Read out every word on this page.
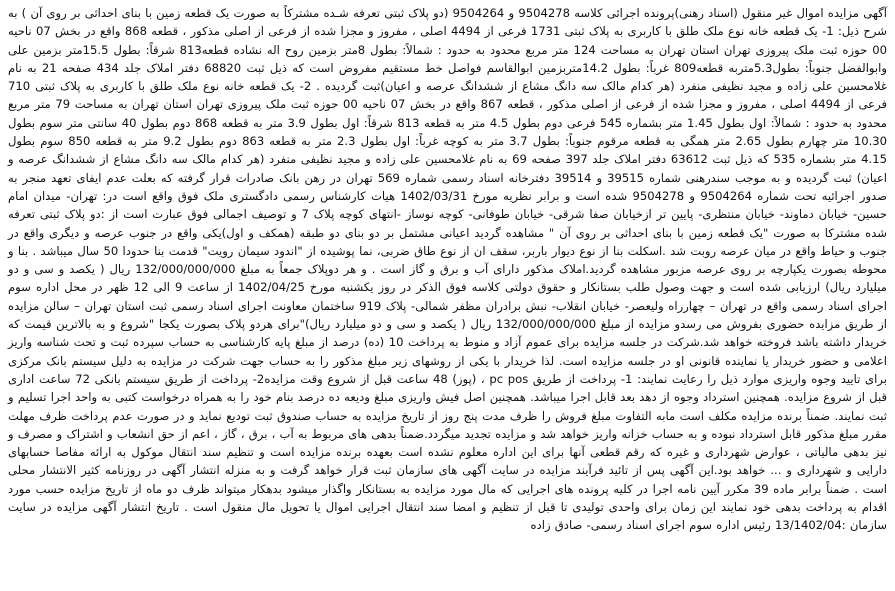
آگهی مزایده اموال غیر منقول (اسناد رهنی)پرونده اجرائی کلاسه 9504278 و 9504264 (دو پلاک ثبتی تعرفه شـده مشترکاً به صورت یک قطعه زمین با بنای احداثی بر روی آن ) به شرح ذیل: 1- یک قطعه خانه نوع ملک طلق با کاربری به پلاک ثبتی 1731 فرعی از 4494 اصلی ، مفروز و مجزا شده از فرعی از اصلی مذکور ، قطعه 868 واقع در بخش 07 ناحیه 00 حوزه ثبت ملک پیروزی تهران استان تهران به مساحت 124 متر مربع محدود به حدود : شمالاً: بطول 8متر بزمین روح اله نشاده قطعه813 شرقاً: بطول 15.5متر بزمین علی وابوالفضل جنوباً: بطول5.3متربه قطعه809 غرباً: بطول 14.2متربزمین ابوالقاسم فواصل خط مستقیم مفروض است که ذیل ثبت 68820 دفتر املاک جلد 434 صفحه 21 به نام غلامحسین علی زاده و مجید نظیفی منفرد (هر کدام مالک سه دانگ مشاع از ششدانگ عرصه و اعیان)ثبت گردیده . 2- یک قطعه خانه نوع ملک طلق با کاربری به پلاک ثبتی 710 فرعی از 4494 اصلی ، مفروز و مجزا شده از فرعی از اصلی مذکور ، قطعه 867 واقع در بخش 07 ناحیه 00 حوزه ثبت ملک پیروزی تهران استان تهران به مساحت 79 متر مربع محدود به حدود : شمالاً: اول بطول 1.45 متر بشماره 545 فرعی دوم بطول 4.5 متر به قطعه 813 شرقاً: اول بطول 3.9 متر به قطعه 868 دوم بطول 40 سانتی متر سوم بطول 10.30 متر چهارم بطول 2.65 متر همگی به قطعه مرقوم جنوباً: بطول 3.7 متر به کوچه غرباً: اول بطول 2.3 متر به قطعه 863 دوم بطول 9.2 متر به قطعه 850 سوم بطول 4.15 متر بشماره 535 که ذیل ثبت 63612 دفتر املاک جلد 397 صفحه 69 به نام غلامحسین علی زاده و مجید نظیفی منفرد (هر کدام مالک سه دانگ مشاع از ششدانگ عرصه و اعیان) ثبت گردیده و به موجب سندرهنی شماره 39515 و 39514 دفترخانه اسناد رسمی شماره 569 تهران در رهن بانک صادرات قرار گرفته که بعلت عدم ایفای تعهد منجر به صدور اجرائیه تحت شماره 9504264 و 9504278 شده است و برابر نظریه مورخ 1402/03/31 هیات کارشناس رسمی دادگستری ملک فوق واقع است در: تهران- میدان امام حسین- خیابان دماوند- خیابان منتظری- پایین تر ازخیابان صفا شرقی- خیابان طوفانی- کوچه نوساز -انتهای کوچه پلاک 7 و توصیف اجمالی فوق عبارت است از :دو پلاک ثبتی تعرفه شده مشترکا به صورت "یک قطعه زمین با بنای احداثی بر روی آن " مشاهده گردید اعیانی مشتمل بر دو بنای دو طبقه (همکف و اول)یکی واقع در جنوب عرصه و دیگری واقع در جنوب و حیاط واقع در میان عرصه روبت شد .اسکلت بنا از نوع دیوار باربر، سقف ان از نوع طاق ضربی، نما پوشیده از "اندود سیمان رویت" قدمت بنا حدودا 50 سال میباشد . بنا و محوطه بصورت یکپارچه بر روی عرصه مزبور مشاهده گردید.املاک مذکور دارای آب و برق و گاز است . و هر دوپلاک جمعاً به مبلغ 132/000/000/000 ریال ( یکصد و سی و دو میلیارد ریال) ارزیابی شده است و جهت وصول طلب بستانکار و حقوق دولتی کلاسه فوق الذکر در روز یکشنبه مورخ 1402/04/25 از ساعت 9 الی 12 ظهر در محل اداره سوم اجرای اسناد رسمی واقع در تهران – چهارراه ولیعصر- خیابان انقلاب- نبش برادران مظفر شمالی- پلاک 919 ساختمان معاونت اجرای اسناد رسمی ثبت استان تهران – سالن مزایده از طریق مزایده حضوری بفروش می رسدو مزایده از مبلغ 132/000/000/000 ریال ( یکصد و سی و دو میلیارد ریال)"برای هردو پلاک بصورت یکجا "شروع و به بالاترین قیمت که خریدار داشته باشد فروخته خواهد شد.شرکت در جلسه مزایده برای عموم آزاد و منوط به پرداخت 10 (ده) درصد از مبلغ پایه کارشناسی به حساب سپرده ثبت و تحت شناسه واریز اعلامی و حضور خریدار یا نماینده قانونی او در جلسه مزایده است. لذا خریدار با یکی از روشهای زیر مبلغ مذکور را به حساب جهت شرکت در مزایده به دلیل سیستم بانک مرکزی برای تایید وجوه واریزی موارد ذیل را رعایت نمایند: 1- پرداخت از طریق pc pos ، (پوز) 48 ساعت قبل از شروع وقت مزایده2- پرداخت از طریق سیستم بانکی 72 ساعت اداری قبل از شروع مزایده. همچنین استرداد وجوه از دهد بعد قابل اجرا میباشد. همچنین اصل فیش واریزی مبلغ ودیعه ده درصد بنام خود را به همراه درخواست کتبی به واحد اجرا تسلیم و ثبت نمایند. ضمناً برنده مزایده مکلف است مابه التفاوت مبلغ فروش را ظرف مدت پنج روز از تاریخ مزایده به حساب صندوق ثبت تودیع نماید و در صورت عدم پرداخت ظرف مهلت مقرر مبلغ مذکور قابل استرداد نبوده و به حساب خزانه واریز خواهد شد و مزایده تجدید میگردد.ضمناً بدهی های مربوط به آب ، برق ، گاز ، اعم از حق انشعاب و اشتراک و مصرف و نیز بدهی مالیاتی ، عوارض شهرداری و غیره که رقم قطعی آنها برای این اداره معلوم نشده است بعهده برنده مزایده است و تنظیم سند انتقال موکول به ارائه مفاصا حسابهای دارایی و شهرداری و ... خواهد بود.این آگهی پس از تائید فرآیند مزایده در سایت آگهی های سازمان ثبت قرار خواهد گرفت و به منزله انتشار آگهی در روزنامه کثیر الانتشار محلی است . ضمناً برابر ماده 39 مکرر آیین نامه اجرا در کلیه پرونده های اجرایی که مال مورد مزایده به بستانکار واگذار میشود بدهکار میتواند ظرف دو ماه از تاریخ مزایده حسب مورد اقدام به پرداخت بدهی خود نمایند این زمان برای واحدی تولیدی تا قبل از تنظیم و امضا سند انتقال اجرایی اموال یا تحویل مال منقول است . تاریخ انتشار آگهی مزایده در سایت سازمان :13/1402/04 رئیس اداره سوم اجرای اسناد رسمی- صادق زاده
